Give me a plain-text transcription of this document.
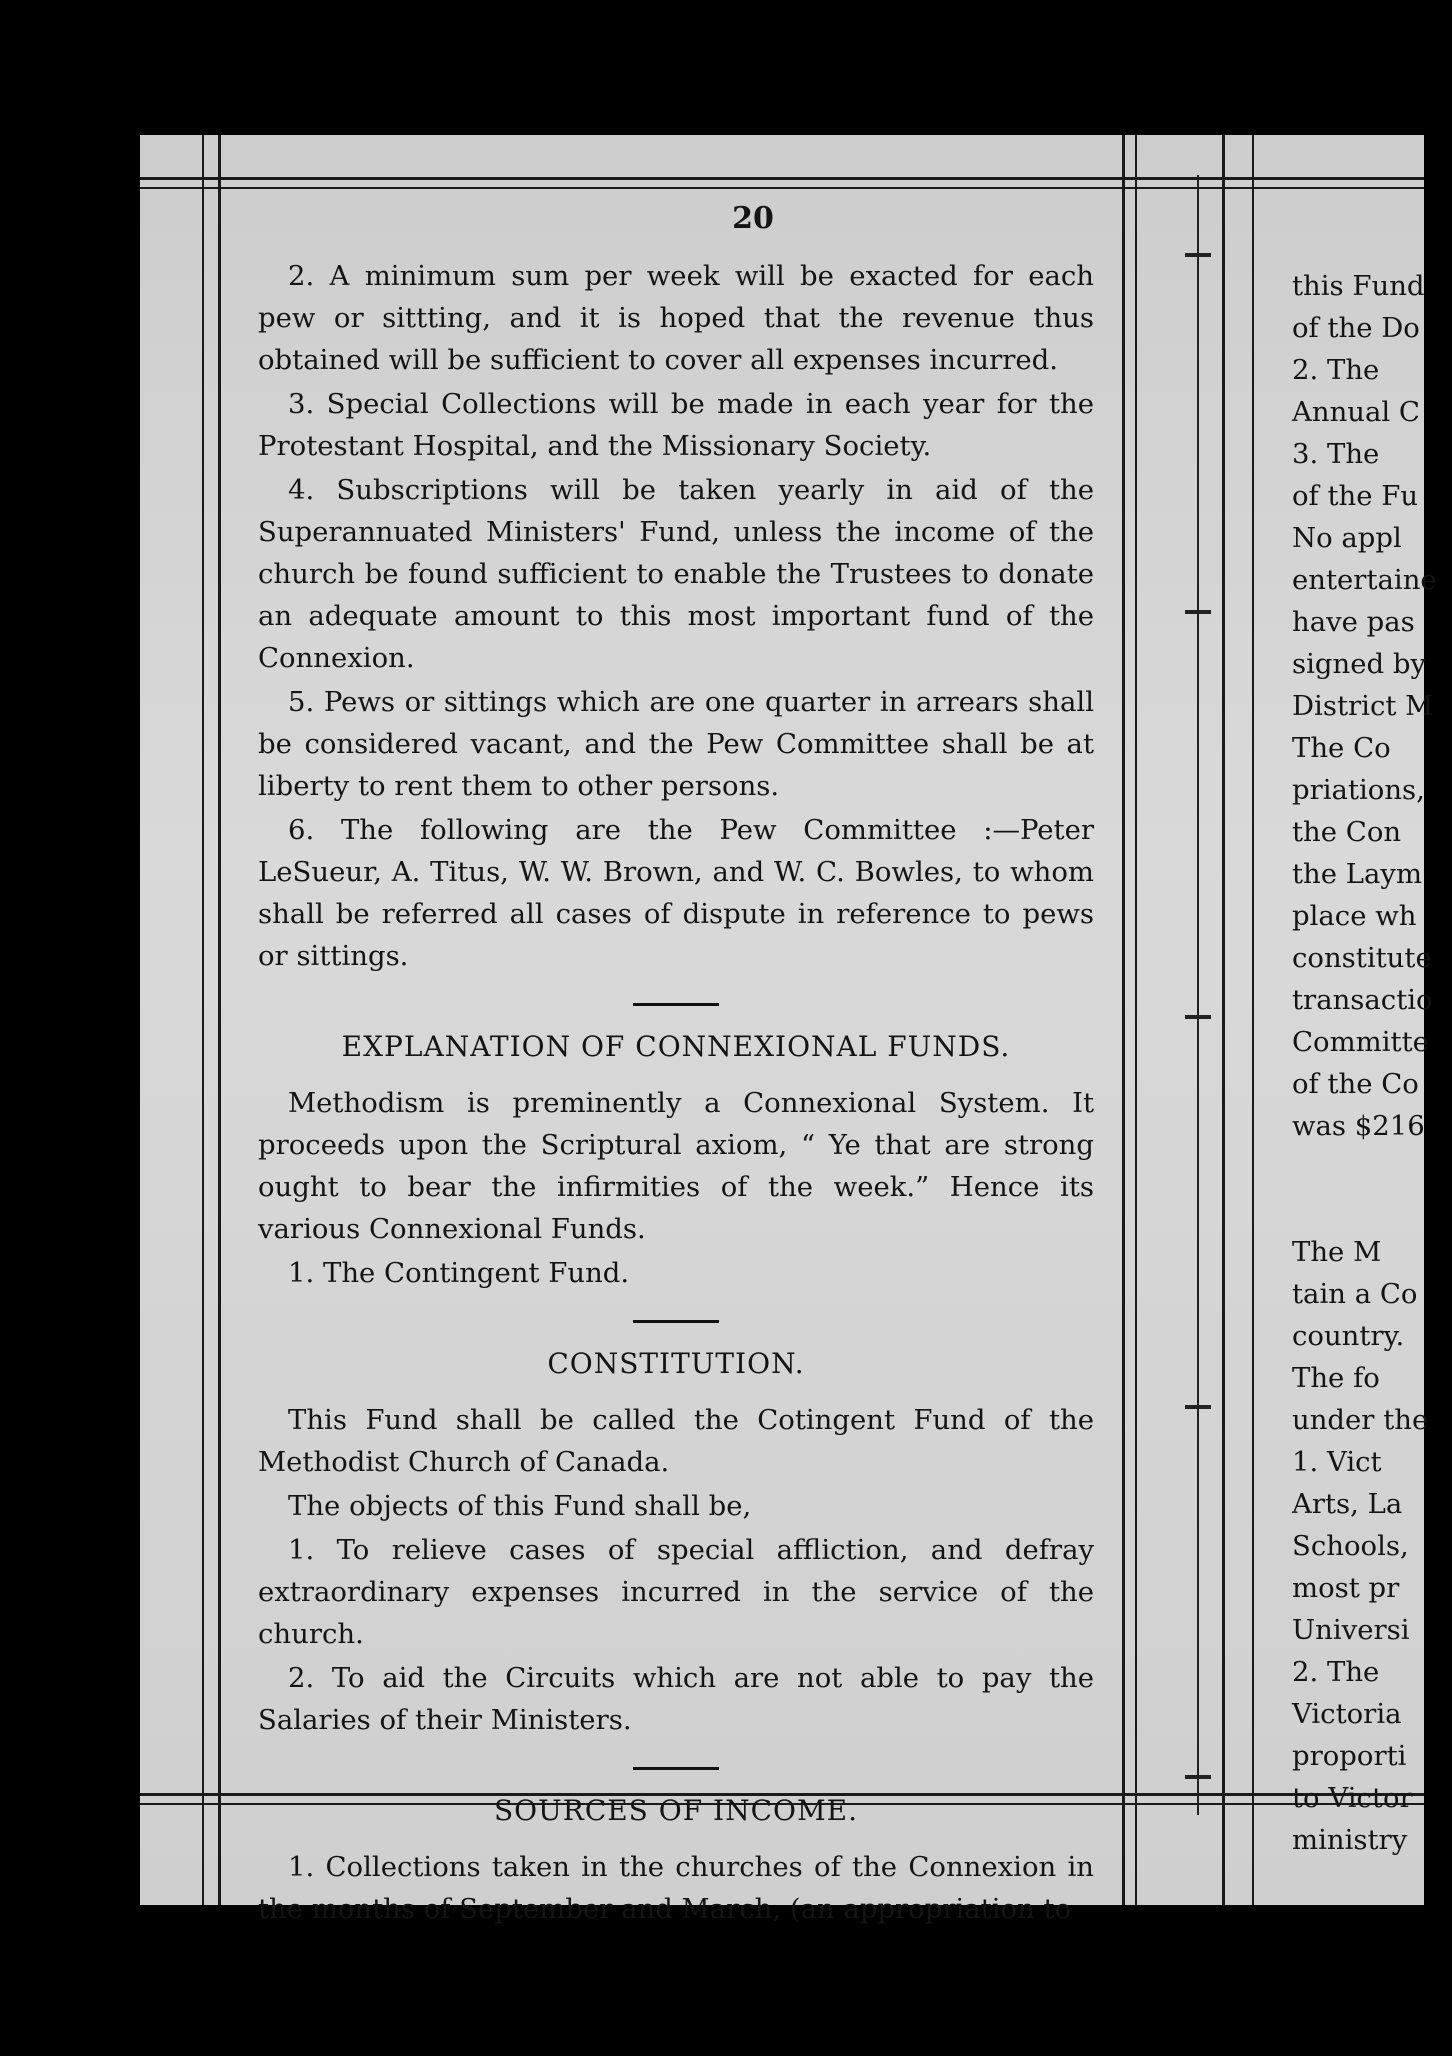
20

2. A minimum sum per week will be exacted for each pew or sittting, and it is hoped that the revenue thus obtained will be sufficient to cover all expenses incurred.

3. Special Collections will be made in each year for the Protestant Hospital, and the Missionary Society.

4. Subscriptions will be taken yearly in aid of the Superannuated Ministers' Fund, unless the income of the church be found sufficient to enable the Trustees to donate an adequate amount to this most important fund of the Connexion.

5. Pews or sittings which are one quarter in arrears shall be considered vacant, and the Pew Committee shall be at liberty to rent them to other persons.

6. The following are the Pew Committee :—Peter LeSueur, A. Titus, W. W. Brown, and W. C. Bowles, to whom shall be referred all cases of dispute in reference to pews or sittings.

EXPLANATION OF CONNEXIONAL FUNDS.

Methodism is preminently a Connexional System. It proceeds upon the Scriptural axiom, “ Ye that are strong ought to bear the infirmities of the week.” Hence its various Connexional Funds.

1. The Contingent Fund.

CONSTITUTION.

This Fund shall be called the Cotingent Fund of the Methodist Church of Canada.

The objects of this Fund shall be,

1. To relieve cases of special affliction, and defray extraordinary expenses incurred in the service of the church.

2. To aid the Circuits which are not able to pay the Salaries of their Ministers.

SOURCES OF INCOME.

1. Collections taken in the churches of the Connexion in the months of September and March, (an appropriation to

this Fund
of the Do
2. The
Annual C
3. The
of the Fu
No appl
entertaine
have pas
signed by
District M
The Co
priations,
the Con
the Laym
place wh
constitute
transactio
Committe
of the Co
was $216
The M
tain a Co
country.
The fo
under the
1. Vict
Arts, La
Schools,
most pr
Universi
2. The
Victoria
proporti
to Victor
ministry
